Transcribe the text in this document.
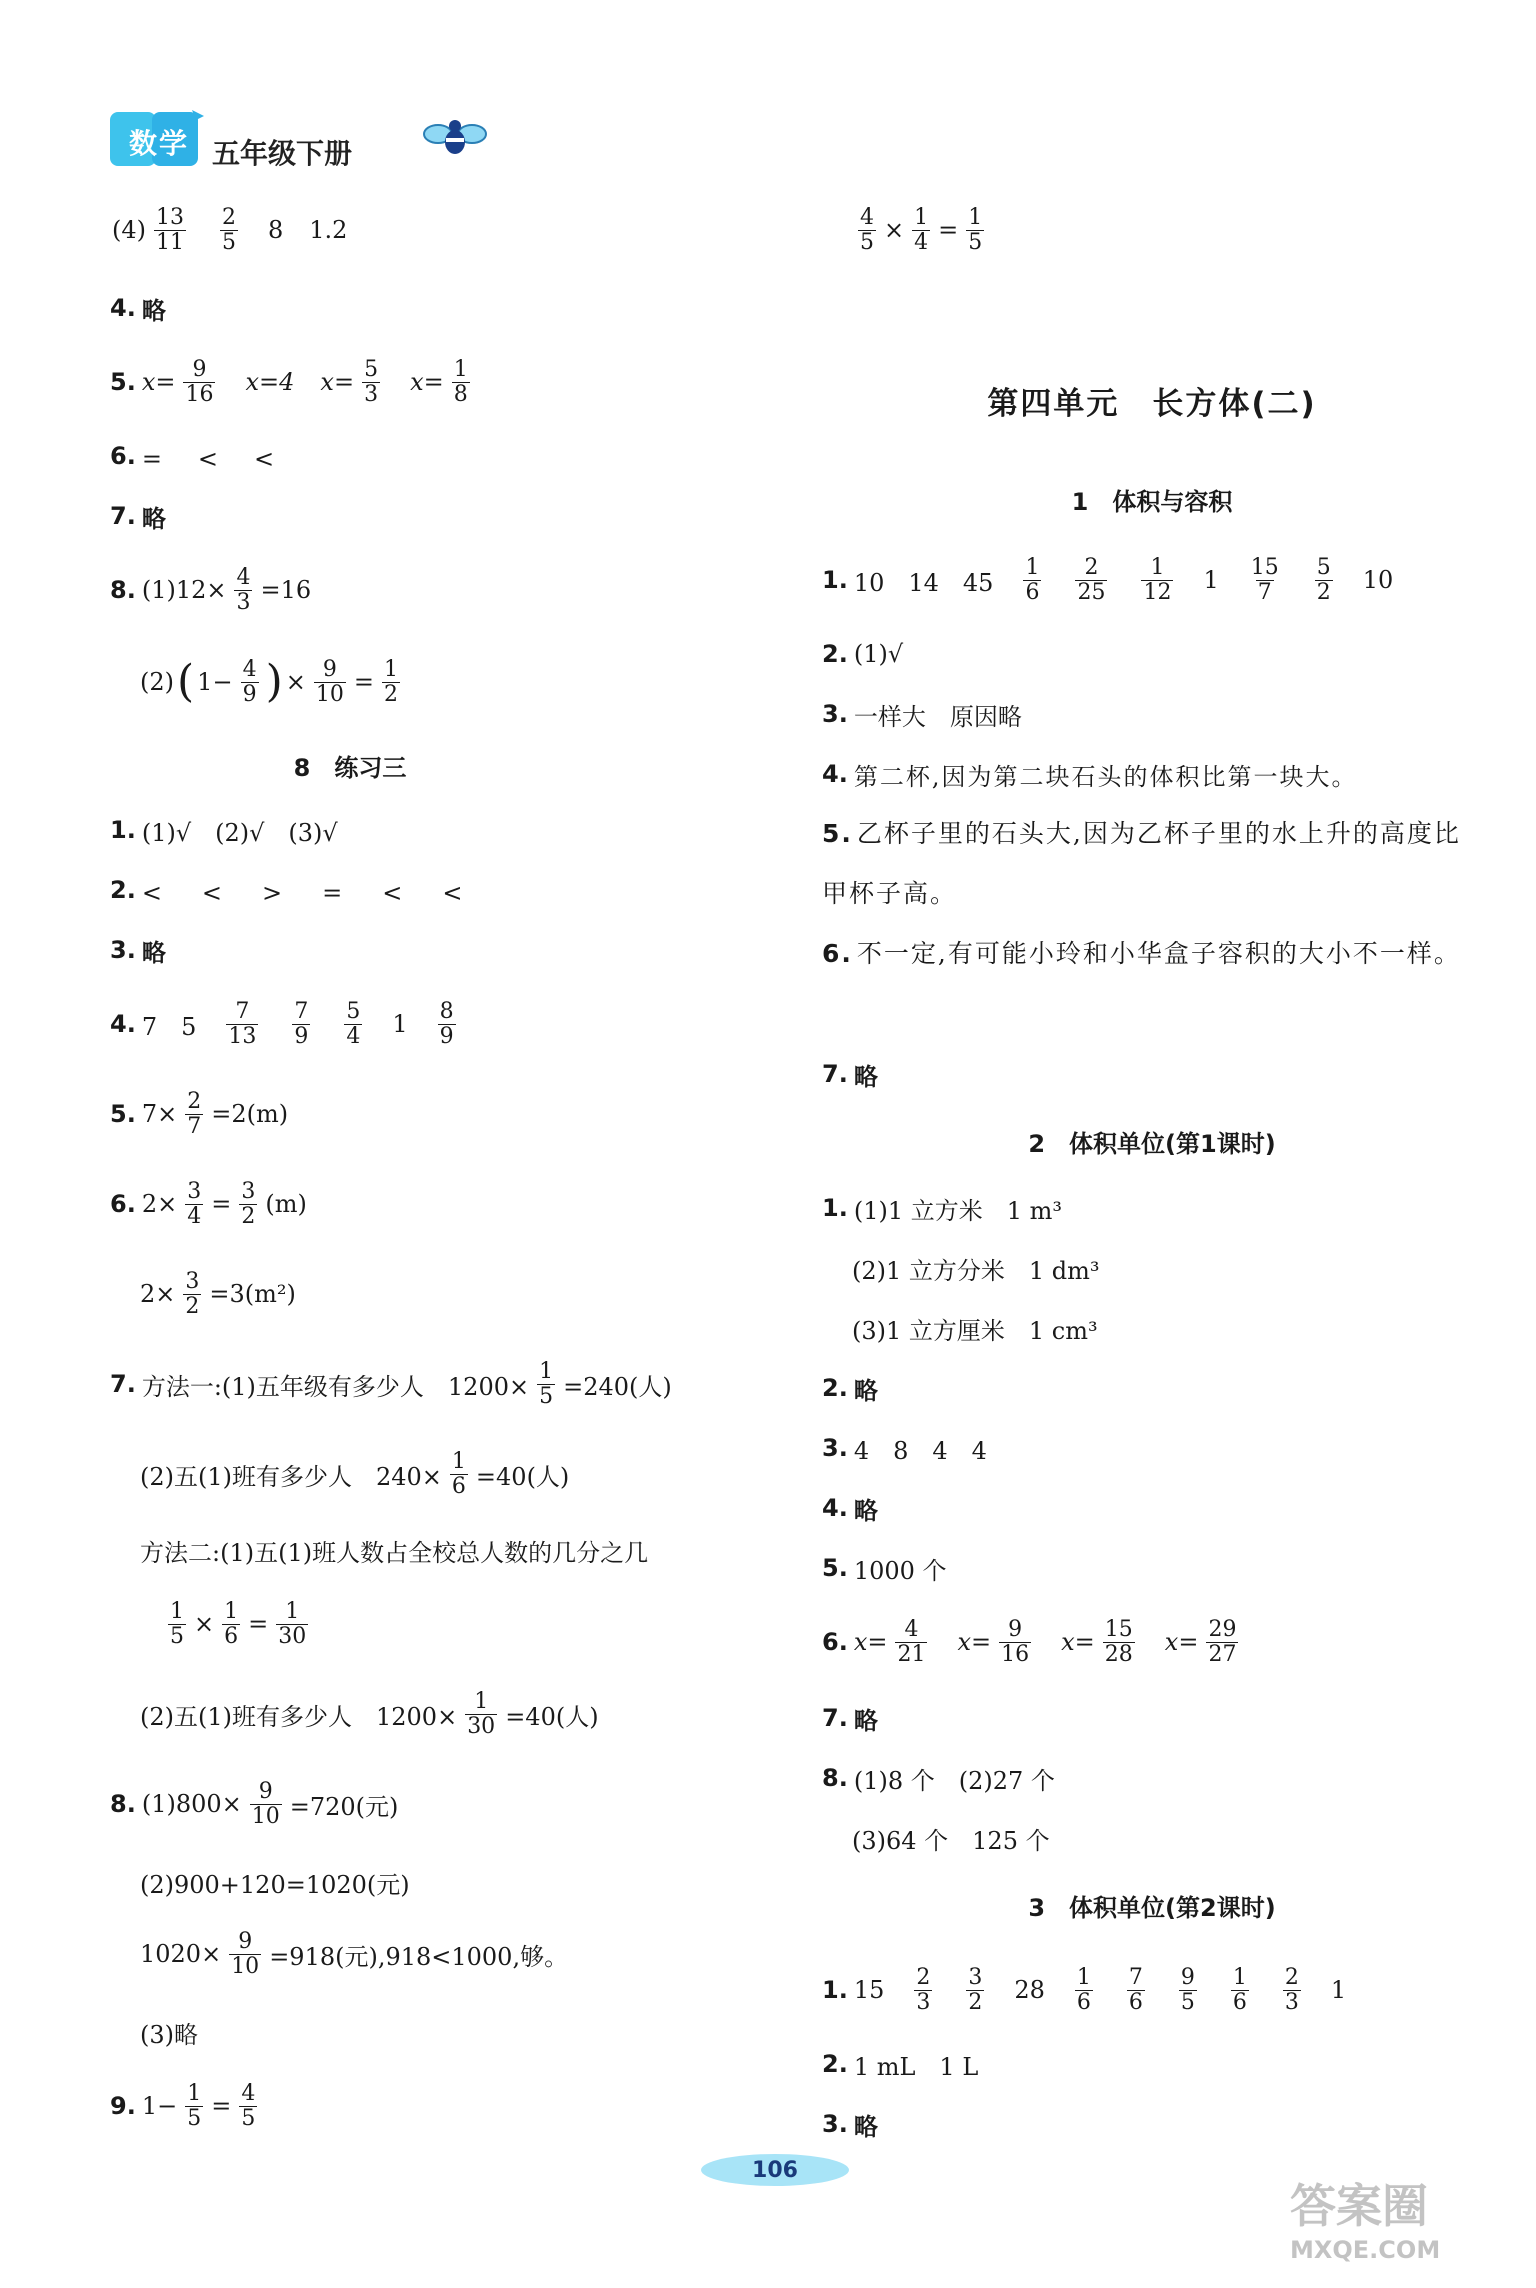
数学 五年级下册
$(4) \frac{13}{11} \frac{2}{5} 8$ 1.2
4. 略
5. $x= \frac{9}{16} x=4$ $x= \frac{5}{3} x= \frac{1}{8}$
6. =　<　<
7. 略
8. $(1)12\times \frac{4}{3} =16$
(2) ( $1- \frac{4}{9}$ ) × $\frac{9}{10} = \frac{1}{2}$
8　练习三
1. (1)√　(2)√　(3)√
2. <　<　>　=　<　<
3. 略
4. 7　$5 \frac{7}{13} \frac{7}{9} \frac{5}{4} 1 \frac{8}{9}$
5. $7\times \frac{2}{7} =2(m)$
6. $2\times \frac{3}{4} = \frac{3}{2} (m)$
$2\times \frac{3}{2} =3(m^2)$
7. 方法一:(1)五年级有多少人　$1200\times \frac{1}{5} =240$(人)
(2)五(1)班有多少人　$240\times \frac{1}{6} =40$(人)
方法二:(1)五(1)班人数占全校总人数的几分之几
$\frac{1}{5} \times \frac{1}{6} = \frac{1}{30}$
(2)五(1)班有多少人　$1200\times \frac{1}{30} =40$(人)
8. $(1)800\times \frac{9}{10} =720$(元)
(2)900+120=1020(元)
$1020\times \frac{9}{10} =918$(元),918<1000,够。
(3)略
9. $1- \frac{1}{5} = \frac{4}{5}$
$\frac{4}{5} \times \frac{1}{4} = \frac{1}{5}$
第四单元　长方体(二)
1　体积与容积
1. 10　14　$45 \frac{1}{6} \frac{2}{25} \frac{1}{12} 1 \frac{15}{7} \frac{5}{2} 10$
2. (1)√
3. 一样大　原因略
4. 第二杯,因为第二块石头的体积比第一块大。
5. 乙杯子里的石头大,因为乙杯子里的水上升的高度比甲杯子高。
6. 不一定,有可能小玲和小华盒子容积的大小不一样。
7. 略
2　体积单位(第1课时)
1. (1)1 立方米　1 m³
(2)1 立方分米　1 dm³
(3)1 立方厘米　1 cm³
2. 略
3. 4　8　4　4
4. 略
5. 1000 个
6. $x= \frac{4}{21} x= \frac{9}{16} x= \frac{15}{28} x= \frac{29}{27}$
7. 略
8. (1)8 个　(2)27 个
(3)64 个　125 个
3　体积单位(第2课时)
1. $15 \frac{2}{3} \frac{3}{2} 28 \frac{1}{6} \frac{7}{6} \frac{9}{5} \frac{1}{6} \frac{2}{3} 1$
2. 1 mL　1 L
3. 略
106
答案圈
MXQE.COM
